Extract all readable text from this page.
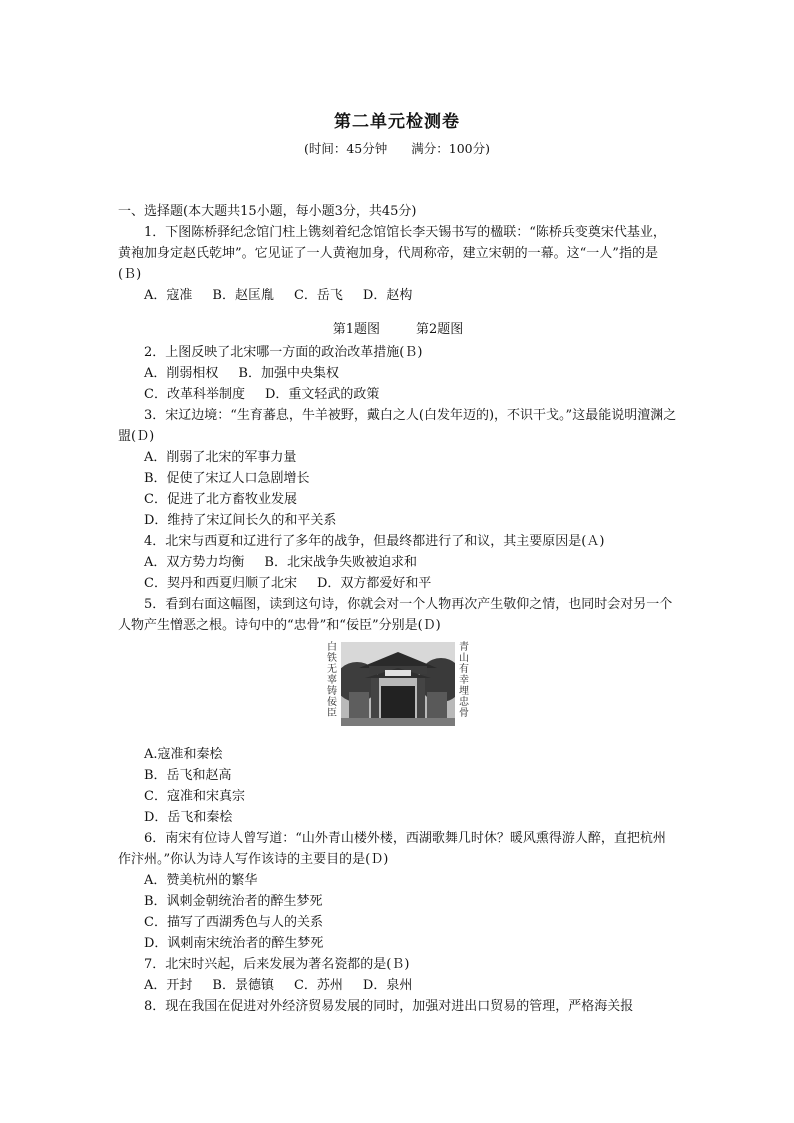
第二单元检测卷
(时间：45分钟 满分：100分)
一、选择题(本大题共15小题，每小题3分，共45分)
1．下图陈桥驿纪念馆门柱上镌刻着纪念馆馆长李天锡书写的楹联：“陈桥兵变奠宋代基业，黄袍加身定赵氏乾坤”。它见证了一人黄袍加身，代周称帝，建立宋朝的一幕。这“一人”指的是(Ｂ)
A．寇准 B．赵匡胤 C．岳飞 D．赵构
第1题图	第2题图
2．上图反映了北宋哪一方面的政治改革措施(Ｂ)
A．削弱相权 B．加强中央集权
C．改革科举制度 D．重文轻武的政策
3．宋辽边境：“生育蕃息，牛羊被野，戴白之人(白发年迈的)，不识干戈。”这最能说明澶渊之盟(Ｄ)
A．削弱了北宋的军事力量
B．促使了宋辽人口急剧增长
C．促进了北方畜牧业发展
D．维持了宋辽间长久的和平关系
4．北宋与西夏和辽进行了多年的战争，但最终都进行了和议，其主要原因是(Ａ)
A．双方势力均衡 B．北宋战争失败被迫求和
C．契丹和西夏归顺了北宋 D．双方都爱好和平
5．看到右面这幅图，读到这句诗，你就会对一个人物再次产生敬仰之情，也同时会对另一个人物产生憎恶之根。诗句中的“忠骨”和“佞臣”分别是(Ｄ)
白铁无辜铸佞臣
青山有幸埋忠骨
A.寇准和秦桧
B．岳飞和赵高
C．寇准和宋真宗
D．岳飞和秦桧
6．南宋有位诗人曾写道：“山外青山楼外楼，西湖歌舞几时休？暖风熏得游人醉，直把杭州作汴州。”你认为诗人写作该诗的主要目的是(Ｄ)
A．赞美杭州的繁华
B．讽刺金朝统治者的醉生梦死
C．描写了西湖秀色与人的关系
D．讽刺南宋统治者的醉生梦死
7．北宋时兴起，后来发展为著名瓷都的是(Ｂ)
A．开封 B．景德镇 C．苏州 D．泉州
8．现在我国在促进对外经济贸易发展的同时，加强对进出口贸易的管理，严格海关报
